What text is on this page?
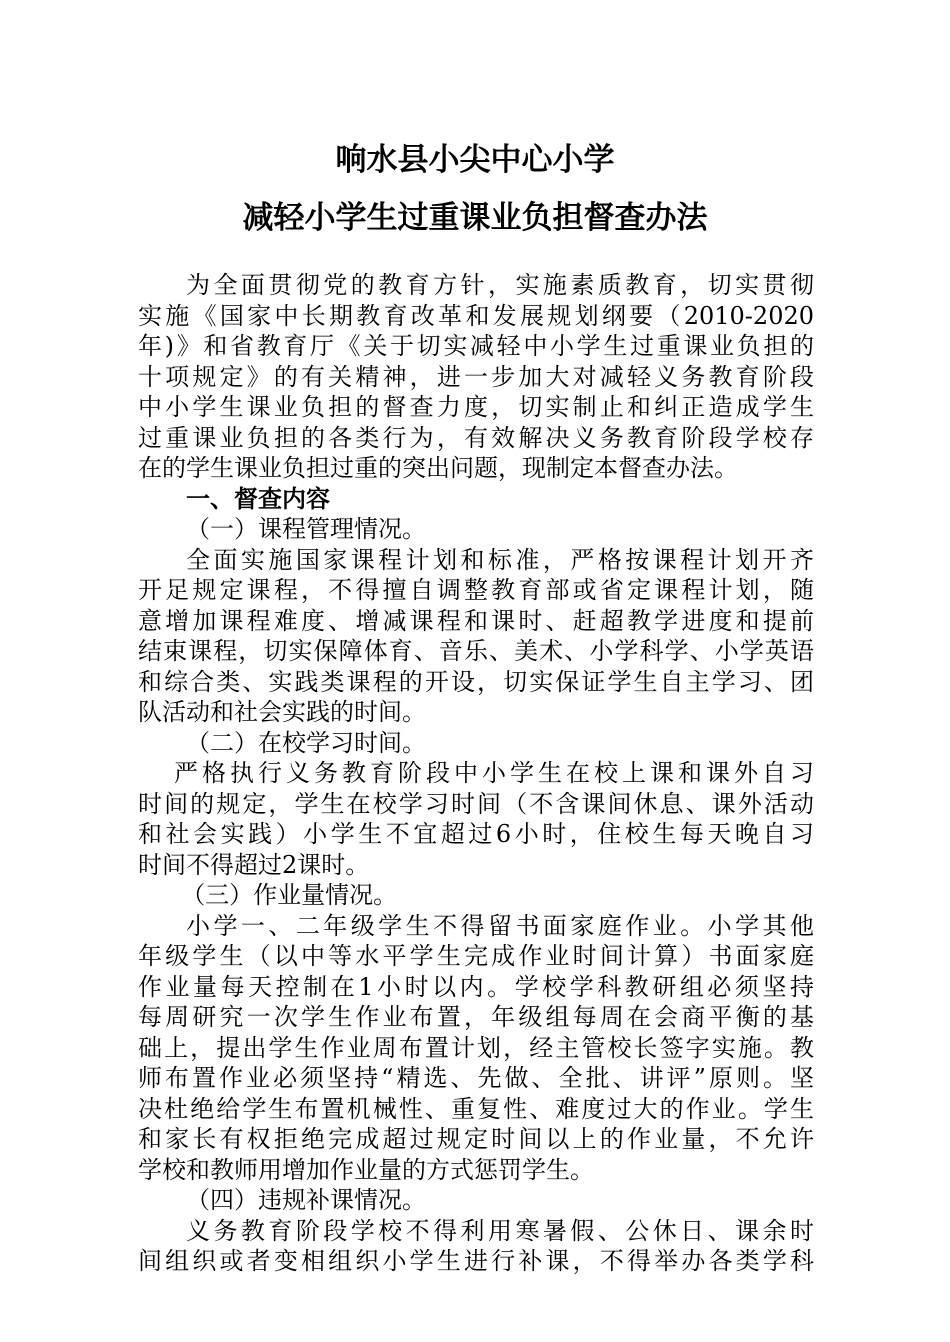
响水县小尖中心小学
减轻小学生过重课业负担督查办法
为全面贯彻党的教育方针，实施素质教育，切实贯彻
实施《国家中长期教育改革和发展规划纲要（2010-2020
年)》和省教育厅《关于切实减轻中小学生过重课业负担的
十项规定》的有关精神，进一步加大对减轻义务教育阶段
中小学生课业负担的督查力度，切实制止和纠正造成学生
过重课业负担的各类行为，有效解决义务教育阶段学校存
在的学生课业负担过重的突出问题，现制定本督查办法。
一、督查内容
（一）课程管理情况。
全面实施国家课程计划和标准，严格按课程计划开齐
开足规定课程，不得擅自调整教育部或省定课程计划，随
意增加课程难度、增减课程和课时、赶超教学进度和提前
结束课程，切实保障体育、音乐、美术、小学科学、小学英语
和综合类、实践类课程的开设，切实保证学生自主学习、团
队活动和社会实践的时间。
（二）在校学习时间。
严格执行义务教育阶段中小学生在校上课和课外自习
时间的规定，学生在校学习时间（不含课间休息、课外活动
和社会实践）小学生不宜超过6小时，住校生每天晚自习
时间不得超过2课时。
（三）作业量情况。
小学一、二年级学生不得留书面家庭作业。小学其他
年级学生（以中等水平学生完成作业时间计算）书面家庭
作业量每天控制在1小时以内。学校学科教研组必须坚持
每周研究一次学生作业布置，年级组每周在会商平衡的基
础上，提出学生作业周布置计划，经主管校长签字实施。教
师布置作业必须坚持“精选、先做、全批、讲评”原则。坚
决杜绝给学生布置机械性、重复性、难度过大的作业。学生
和家长有权拒绝完成超过规定时间以上的作业量，不允许
学校和教师用增加作业量的方式惩罚学生。
（四）违规补课情况。
义务教育阶段学校不得利用寒暑假、公休日、课余时
间组织或者变相组织小学生进行补课，不得举办各类学科
